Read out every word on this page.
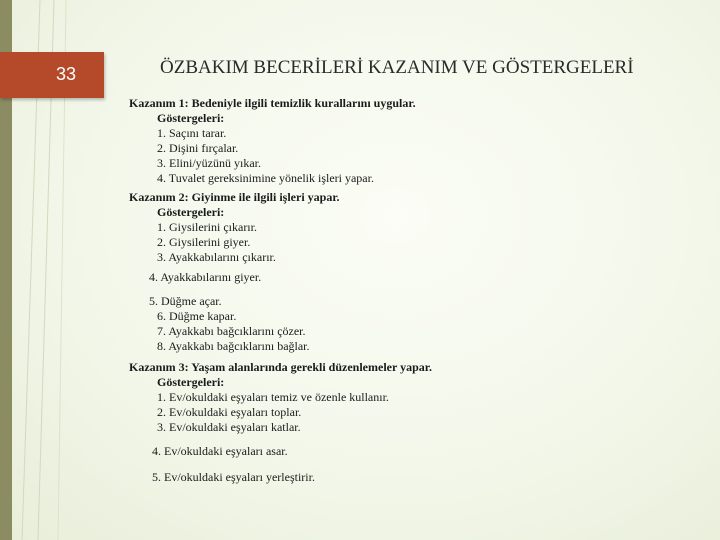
33	ÖZBAKIM BECERİLERİ KAZANIM VE GÖSTERGELERİ
Kazanım 1: Bedeniyle ilgili temizlik kurallarını uygular.
Göstergeleri:
1. Saçını tarar.
2. Dişini fırçalar.
3. Elini/yüzünü yıkar.
4. Tuvalet gereksinimine yönelik işleri yapar.
Kazanım 2: Giyinme ile ilgili işleri yapar.
Göstergeleri:
1. Giysilerini çıkarır.
2. Giysilerini giyer.
3. Ayakkabılarını çıkarır.
4. Ayakkabılarını giyer.
5. Düğme açar.
6. Düğme kapar.
7. Ayakkabı bağcıklarını çözer.
8. Ayakkabı bağcıklarını bağlar.
Kazanım 3: Yaşam alanlarında gerekli düzenlemeler yapar.
Göstergeleri:
1. Ev/okuldaki eşyaları temiz ve özenle kullanır.
2. Ev/okuldaki eşyaları toplar.
3. Ev/okuldaki eşyaları katlar.
4. Ev/okuldaki eşyaları asar.
5. Ev/okuldaki eşyaları yerleştirir.
